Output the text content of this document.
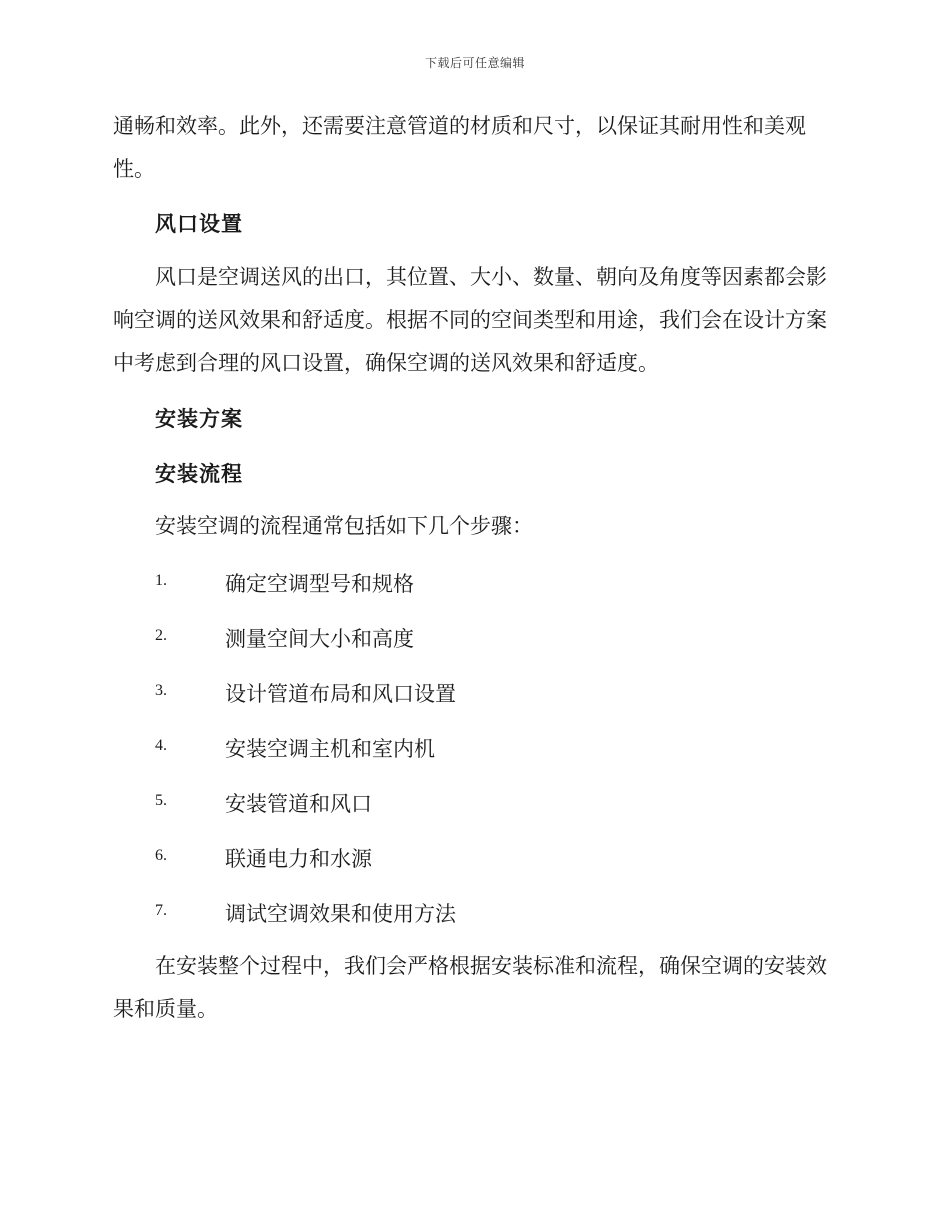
下载后可任意编辑

通畅和效率。此外，还需要注意管道的材质和尺寸，以保证其耐用性和美观性。

风口设置

风口是空调送风的出口，其位置、大小、数量、朝向及角度等因素都会影响空调的送风效果和舒适度。根据不同的空间类型和用途，我们会在设计方案中考虑到合理的风口设置，确保空调的送风效果和舒适度。

安装方案
安装流程

安装空调的流程通常包括如下几个步骤：

1.	确定空调型号和规格
2.	测量空间大小和高度
3.	设计管道布局和风口设置
4.	安装空调主机和室内机
5.	安装管道和风口
6.	联通电力和水源
7.	调试空调效果和使用方法

在安装整个过程中，我们会严格根据安装标准和流程，确保空调的安装效果和质量。
